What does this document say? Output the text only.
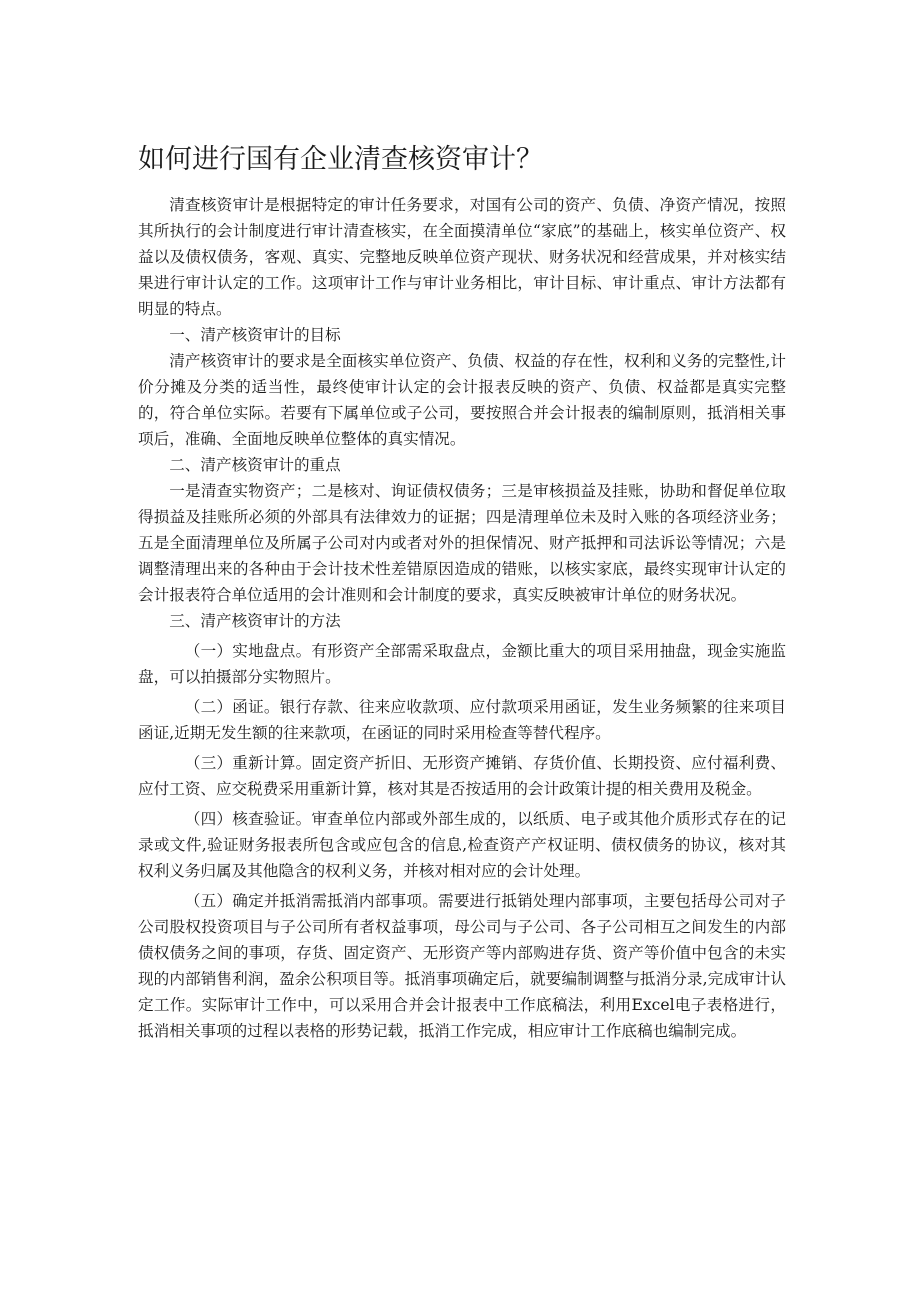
如何进行国有企业清查核资审计？

清查核资审计是根据特定的审计任务要求，对国有公司的资产、负债、净资产情况，按照其所执行的会计制度进行审计清查核实，在全面摸清单位“家底”的基础上，核实单位资产、权益以及债权债务，客观、真实、完整地反映单位资产现状、财务状况和经营成果，并对核实结果进行审计认定的工作。这项审计工作与审计业务相比，审计目标、审计重点、审计方法都有明显的特点。

一、清产核资审计的目标

清产核资审计的要求是全面核实单位资产、负债、权益的存在性，权利和义务的完整性,计价分摊及分类的适当性，最终使审计认定的会计报表反映的资产、负债、权益都是真实完整的，符合单位实际。若要有下属单位或子公司，要按照合并会计报表的编制原则，抵消相关事项后，准确、全面地反映单位整体的真实情况。

二、清产核资审计的重点

一是清查实物资产；二是核对、询证债权债务；三是审核损益及挂账，协助和督促单位取得损益及挂账所必须的外部具有法律效力的证据；四是清理单位未及时入账的各项经济业务；五是全面清理单位及所属子公司对内或者对外的担保情况、财产抵押和司法诉讼等情况；六是调整清理出来的各种由于会计技术性差错原因造成的错账，以核实家底，最终实现审计认定的会计报表符合单位适用的会计准则和会计制度的要求，真实反映被审计单位的财务状况。

三、清产核资审计的方法

（一）实地盘点。有形资产全部需采取盘点，金额比重大的项目采用抽盘，现金实施监盘，可以拍摄部分实物照片。

（二）函证。银行存款、往来应收款项、应付款项采用函证，发生业务频繁的往来项目函证,近期无发生额的往来款项，在函证的同时采用检查等替代程序。

（三）重新计算。固定资产折旧、无形资产摊销、存货价值、长期投资、应付福利费、应付工资、应交税费采用重新计算，核对其是否按适用的会计政策计提的相关费用及税金。

（四）核查验证。审查单位内部或外部生成的，以纸质、电子或其他介质形式存在的记录或文件,验证财务报表所包含或应包含的信息,检查资产产权证明、债权债务的协议，核对其权利义务归属及其他隐含的权利义务，并核对相对应的会计处理。

（五）确定并抵消需抵消内部事项。需要进行抵销处理内部事项，主要包括母公司对子公司股权投资项目与子公司所有者权益事项，母公司与子公司、各子公司相互之间发生的内部债权债务之间的事项，存货、固定资产、无形资产等内部购进存货、资产等价值中包含的未实现的内部销售利润，盈余公积项目等。抵消事项确定后，就要编制调整与抵消分录,完成审计认定工作。实际审计工作中，可以采用合并会计报表中工作底稿法，利用Excel电子表格进行，抵消相关事项的过程以表格的形势记载，抵消工作完成，相应审计工作底稿也编制完成。
